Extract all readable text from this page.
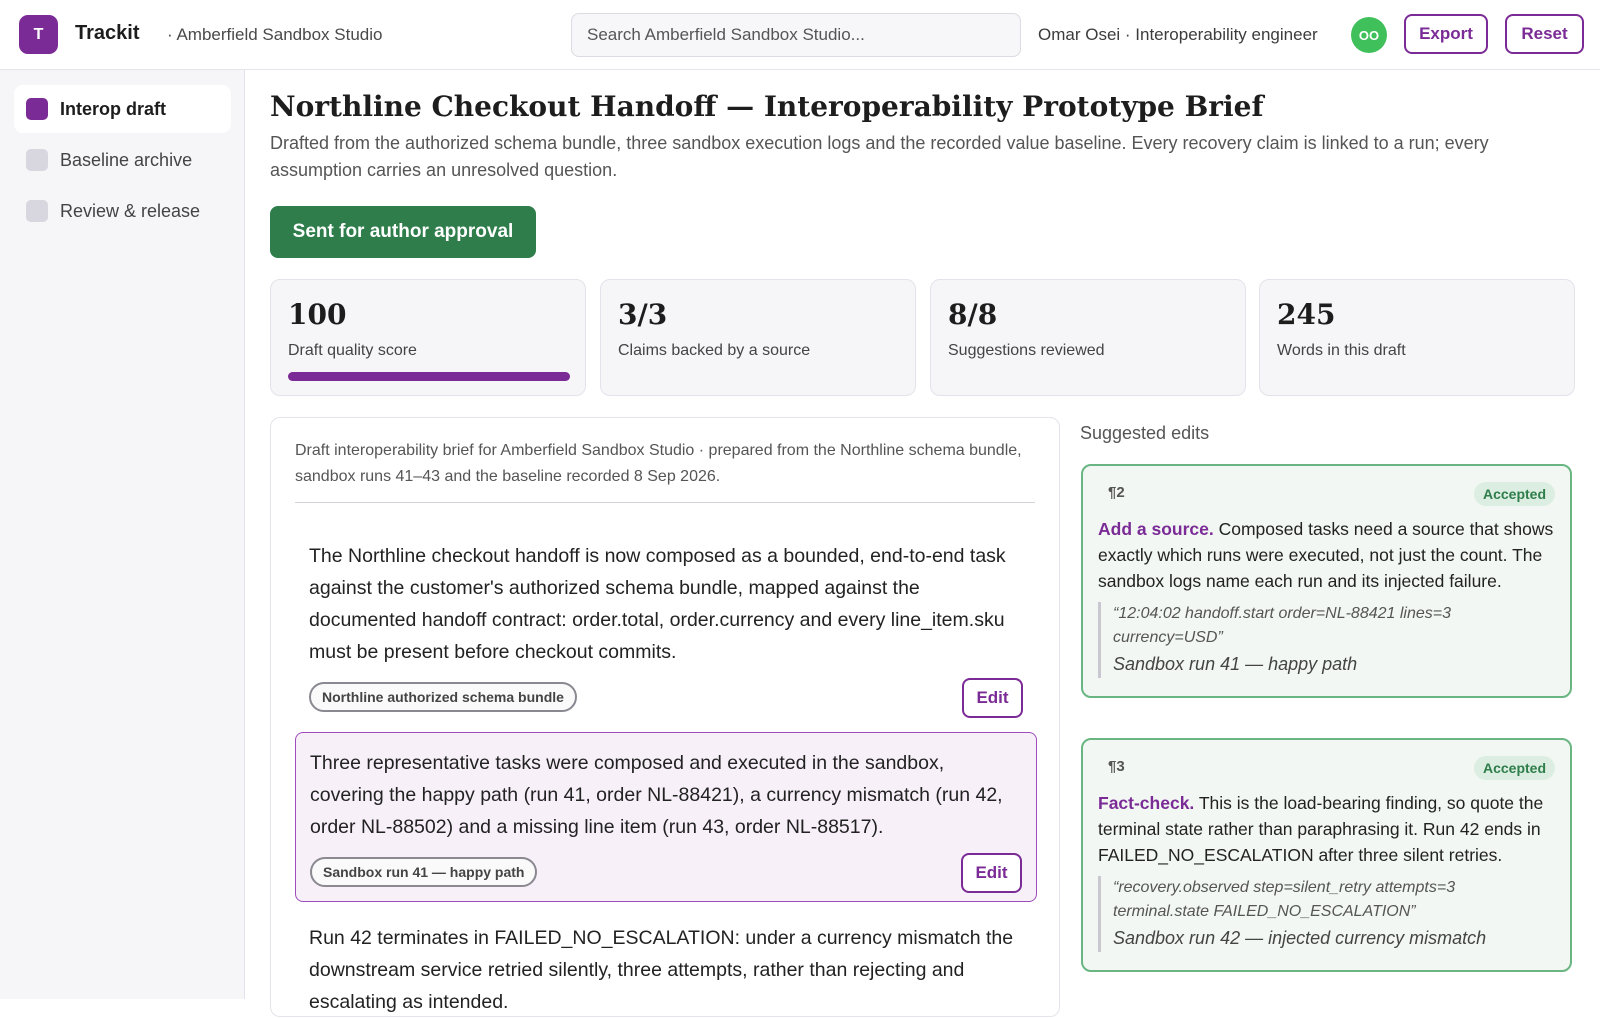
T	Trackit · Amberfield Sandbox Studio
Search Amberfield Sandbox Studio...	Omar Osei · Interoperability engineer	OO	Export	Reset
Interop draft
Baseline archive
Review & release
Northline Checkout Handoff — Interoperability Prototype Brief

Drafted from the authorized schema bundle, three sandbox execution logs and the recorded value baseline. Every recovery claim is linked to a run; every assumption carries an unresolved question.

Sent for author approval
100
Draft quality score
3/3
Claims backed by a source
8/8
Suggestions reviewed
245
Words in this draft
Draft interoperability brief for Amberfield Sandbox Studio · prepared from the Northline schema bundle, sandbox runs 41–43 and the baseline recorded 8 Sep 2026.
The Northline checkout handoff is now composed as a bounded, end-to-end task against the customer's authorized schema bundle, mapped against the documented handoff contract: order.total, order.currency and every line_item.sku must be present before checkout commits.
Northline authorized schema bundle	Edit
Three representative tasks were composed and executed in the sandbox, covering the happy path (run 41, order NL-88421), a currency mismatch (run 42, order NL-88502) and a missing line item (run 43, order NL-88517).
Sandbox run 41 — happy path	Edit
Run 42 terminates in FAILED_NO_ESCALATION: under a currency mismatch the downstream service retried silently, three attempts, rather than rejecting and escalating as intended.
Suggested edits
¶2	Accepted
Add a source. Composed tasks need a source that shows exactly which runs were executed, not just the count. The sandbox logs name each run and its injected failure.
“12:04:02 handoff.start order=NL-88421 lines=3 currency=USD”
Sandbox run 41 — happy path
¶3	Accepted
Fact-check. This is the load-bearing finding, so quote the terminal state rather than paraphrasing it. Run 42 ends in FAILED_NO_ESCALATION after three silent retries.
“recovery.observed step=silent_retry attempts=3 terminal.state FAILED_NO_ESCALATION”
Sandbox run 42 — injected currency mismatch
